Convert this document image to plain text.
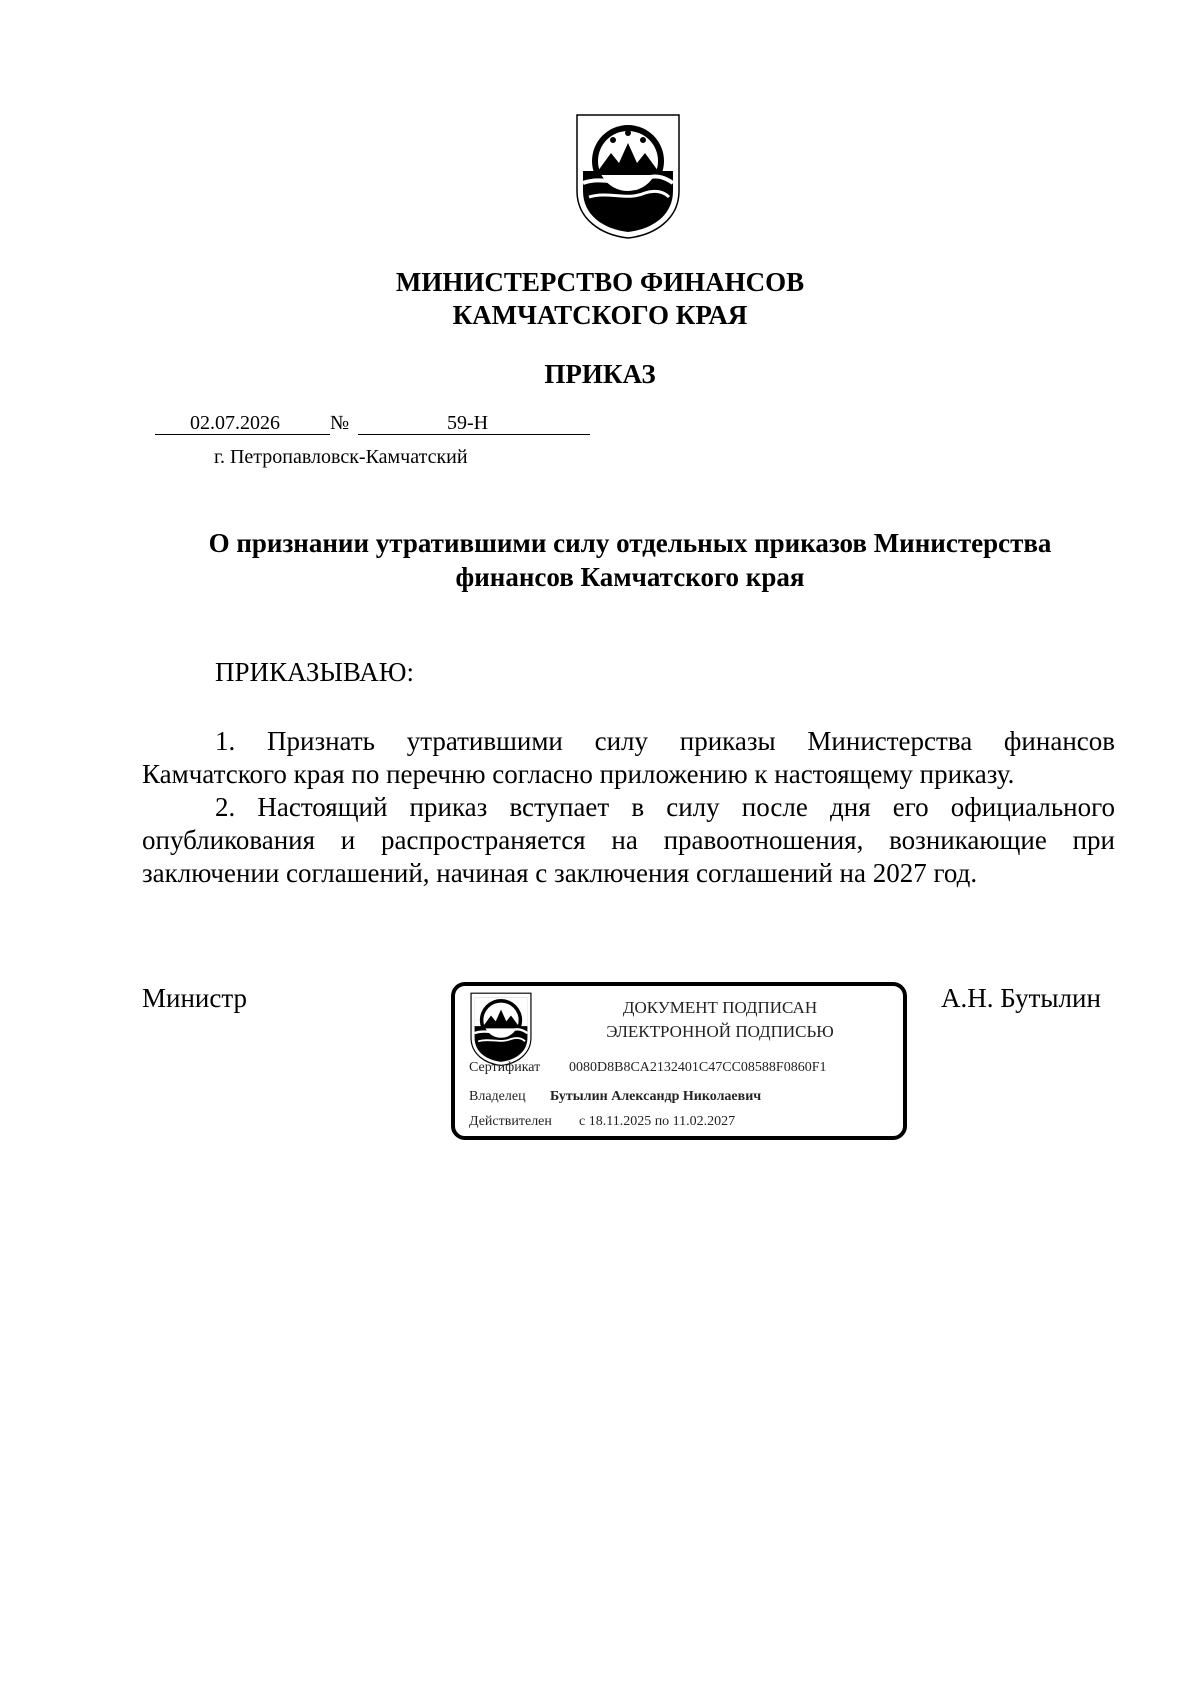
МИНИСТЕРСТВО ФИНАНСОВ
КАМЧАТСКОГО КРАЯ
ПРИКАЗ
02.07.2026	№	59-Н
г. Петропавловск-Камчатский
О признании утратившими силу отдельных приказов Министерства
финансов Камчатского края
ПРИКАЗЫВАЮ:
1. Признать утратившими силу приказы Министерства финансов Камчатского края по перечню согласно приложению к настоящему приказу.
2. Настоящий приказ вступает в силу после дня его официального опубликования и распространяется на правоотношения, возникающие при заключении соглашений, начиная с заключения соглашений на 2027 год.
Министр	ДОКУМЕНТ ПОДПИСАН
ЭЛЕКТРОННОЙ ПОДПИСЬЮ
Сертификат 0080D8B8CA2132401C47CC08588F0860F1
Владелец Бутылин Александр Николаевич
Действителен с 18.11.2025 по 11.02.2027
А.Н. Бутылин
